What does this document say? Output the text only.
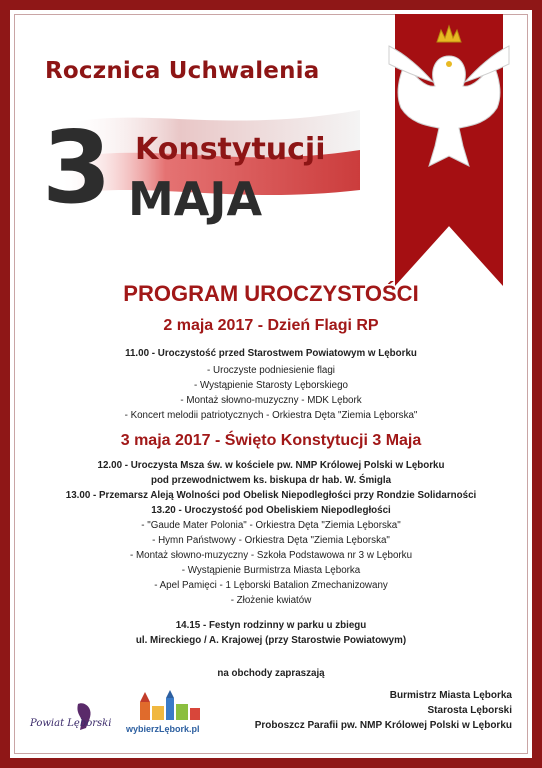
Rocznica Uchwalenia
3 Konstytucji
MAJA
PROGRAM UROCZYSTOŚCI
2 maja 2017 - Dzień Flagi RP
11.00 - Uroczystość przed Starostwem Powiatowym w Lęborku
- Uroczyste podniesienie flagi
- Wystąpienie Starosty Lęborskiego
- Montaż słowno-muzyczny - MDK Lębork
- Koncert melodii patriotycznych - Orkiestra Dęta "Ziemia Lęborska"
3 maja 2017 - Święto Konstytucji 3 Maja
12.00 - Uroczysta Msza św. w kościele pw. NMP Królowej Polski w Lęborku
pod przewodnictwem ks. biskupa dr hab. W. Śmigla
13.00 - Przemarsz Aleją Wolności pod Obelisk Niepodległości przy Rondzie Solidarności
13.20 - Uroczystość pod Obeliskiem Niepodległości
- "Gaude Mater Polonia" - Orkiestra Dęta "Ziemia Lęborska"
- Hymn Państwowy - Orkiestra Dęta "Ziemia Lęborska"
- Montaż słowno-muzyczny - Szkoła Podstawowa nr 3 w Lęborku
- Wystąpienie Burmistrza Miasta Lęborka
- Apel Pamięci - 1 Lęborski Batalion Zmechanizowany
- Złożenie kwiatów
14.15 - Festyn rodzinny w parku u zbiegu
ul. Mireckiego / A. Krajowej (przy Starostwie Powiatowym)
na obchody zapraszają
Powiat Lęborski wybierzLębork.pl
Burmistrz Miasta Lęborka
Starosta Lęborski
Proboszcz Parafii pw. NMP Królowej Polski w Lęborku
